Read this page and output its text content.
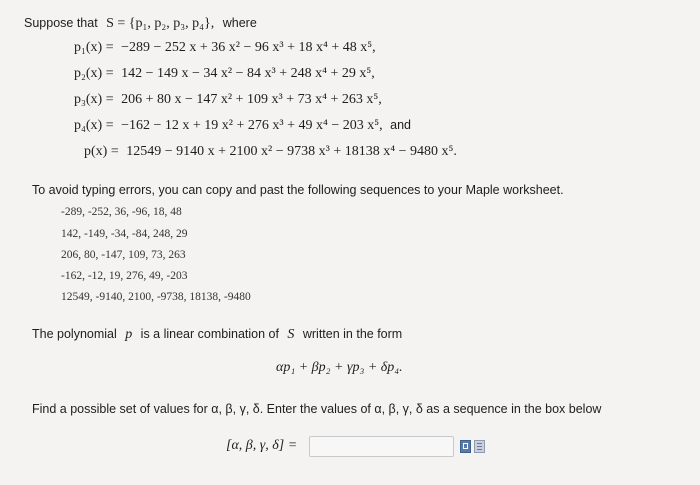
Suppose that S = {p₁, p₂, p₃, p₄}, where
p₁(x) = −289 − 252 x + 36 x² − 96 x³ + 18 x⁴ + 48 x⁵,
p₂(x) = 142 − 149 x − 34 x² − 84 x³ + 248 x⁴ + 29 x⁵,
p₃(x) = 206 + 80 x − 147 x² + 109 x³ + 73 x⁴ + 263 x⁵,
p₄(x) = −162 − 12 x + 19 x² + 276 x³ + 49 x⁴ − 203 x⁵, and
p(x) = 12549 − 9140 x + 2100 x² − 9738 x³ + 18138 x⁴ − 9480 x⁵.
To avoid typing errors, you can copy and past the following sequences to your Maple worksheet.
-289, -252, 36, -96, 18, 48
142, -149, -34, -84, 248, 29
206, 80, -147, 109, 73, 263
-162, -12, 19, 276, 49, -203
12549, -9140, 2100, -9738, 18138, -9480
The polynomial p is a linear combination of S written in the form
αp₁ + βp₂ + γp₃ + δp₄.
Find a possible set of values for α, β, γ, δ. Enter the values of α, β, γ, δ as a sequence in the box below
[α, β, γ, δ] =
